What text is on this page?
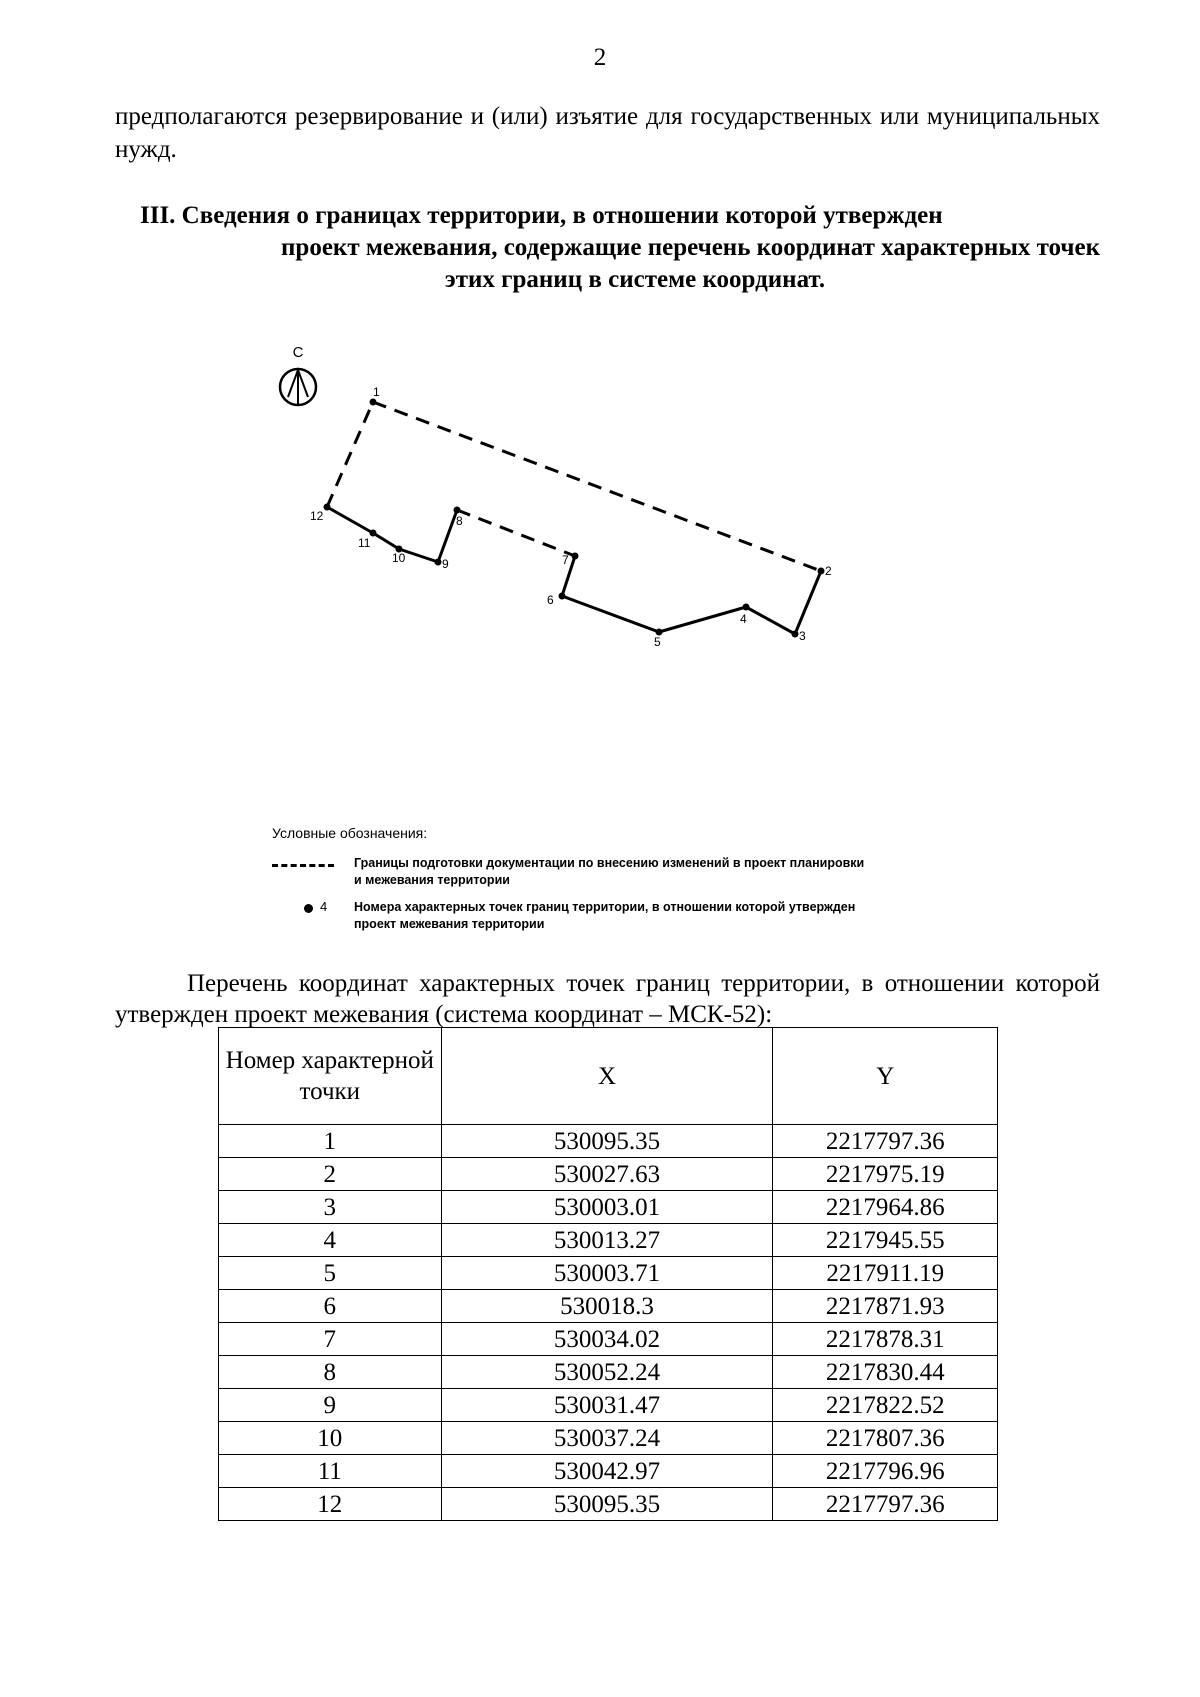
2

предполагаются резервирование и (или) изъятие для государственных или муниципальных нужд.

III. Сведения о границах территории, в отношении которой утвержден
проект межевания, содержащие перечень координат характерных точек
этих границ в системе координат.
С
1
2
3
4
5
6
7
8
9
10
11
12
Условные обозначения:
Границы подготовки документации по внесению изменений в проект планировки и межевания территории
4 Номера характерных точек границ территории, в отношении которой утвержден проект межевания территории

Перечень координат характерных точек границ территории, в отношении которой утвержден проект межевания (система координат – МСК-52):

Номер характерной точки	X	Y
1	530095.35	2217797.36
2	530027.63	2217975.19
3	530003.01	2217964.86
4	530013.27	2217945.55
5	530003.71	2217911.19
6	530018.3	2217871.93
7	530034.02	2217878.31
8	530052.24	2217830.44
9	530031.47	2217822.52
10	530037.24	2217807.36
11	530042.97	2217796.96
12	530095.35	2217797.36
